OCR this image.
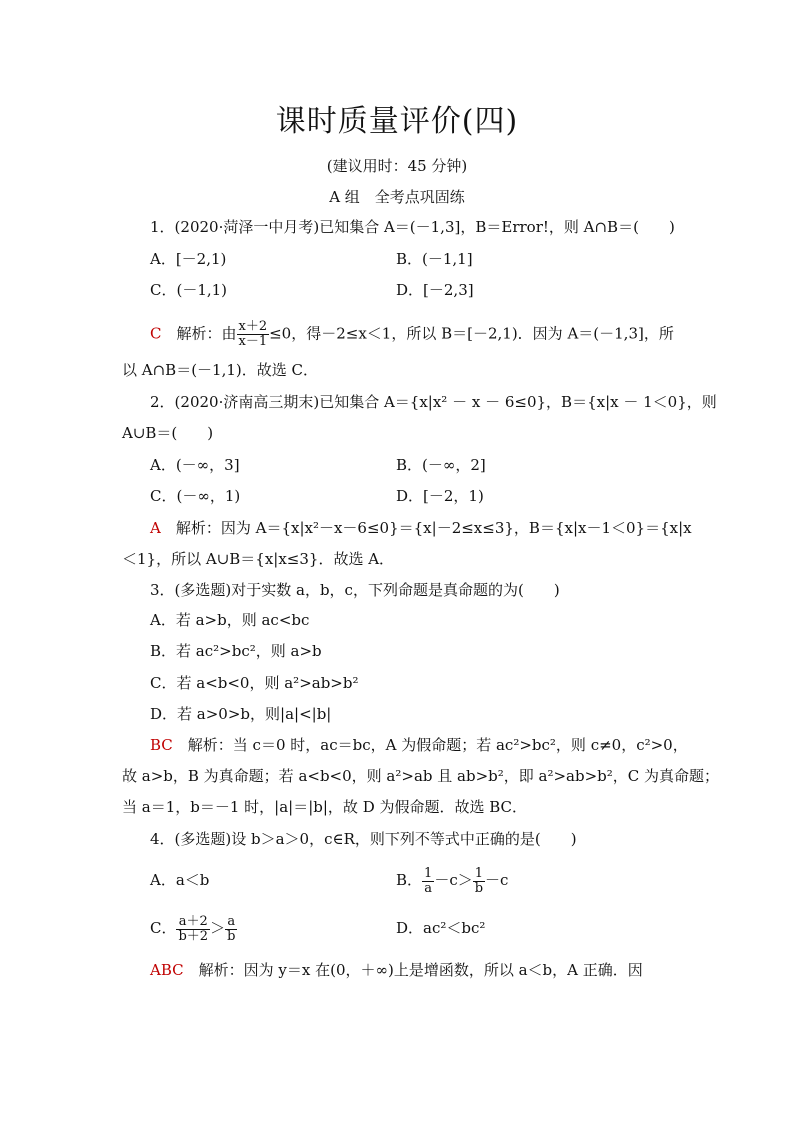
课时质量评价(四)
(建议用时：45 分钟)
A 组　全考点巩固练
1．(2020·菏泽一中月考)已知集合 A＝(－1,3]，B＝Error!，则 A∩B＝(　　)
A．[－2,1)	B．(－1,1]
C．(－1,1)	D．[－2,3]
C　解析：由 $\frac{x+2}{x-1} \le 0$，得－2≤x＜1，所以 B＝[－2,1)．因为 A＝(－1,3]，所
以 A∩B＝(－1,1)．故选 C．
2．(2020·济南高三期末)已知集合 A＝{x|x² － x － 6≤0}，B＝{x|x － 1＜0}，则
A∪B＝(　　)
A．(－∞，3]	B．(－∞，2]
C．(－∞，1)	D．[－2，1)
A　解析：因为 A＝{x|x²－x－6≤0}＝{x|－2≤x≤3}，B＝{x|x－1＜0}＝{x|x
＜1}，所以 A∪B＝{x|x≤3}．故选 A．
3．(多选题)对于实数 a，b，c，下列命题是真命题的为(　　)
A．若 a>b，则 ac<bc
B．若 ac²>bc²，则 a>b
C．若 a<b<0，则 a²>ab>b²
D．若 a>0>b，则|a|<|b|
BC　解析：当 c＝0 时，ac＝bc，A 为假命题；若 ac²>bc²，则 c≠0，c²>0，
故 a>b，B 为真命题；若 a<b<0，则 a²>ab 且 ab>b²，即 a²>ab>b²，C 为真命题；
当 a＝1，b＝－1 时，|a|＝|b|，故 D 为假命题．故选 BC．
4．(多选题)设 b＞a＞0，c∈R，则下列不等式中正确的是(　　)
A．a＜b	B． $\frac{1}{a} -c> \frac{1}{b} -c$
C． $\frac{a+2}{b+2} > \frac{a}{b}$	D．ac²＜bc²
ABC　解析：因为 y＝x 在(0，＋∞)上是增函数，所以 a＜b，A 正确．因
